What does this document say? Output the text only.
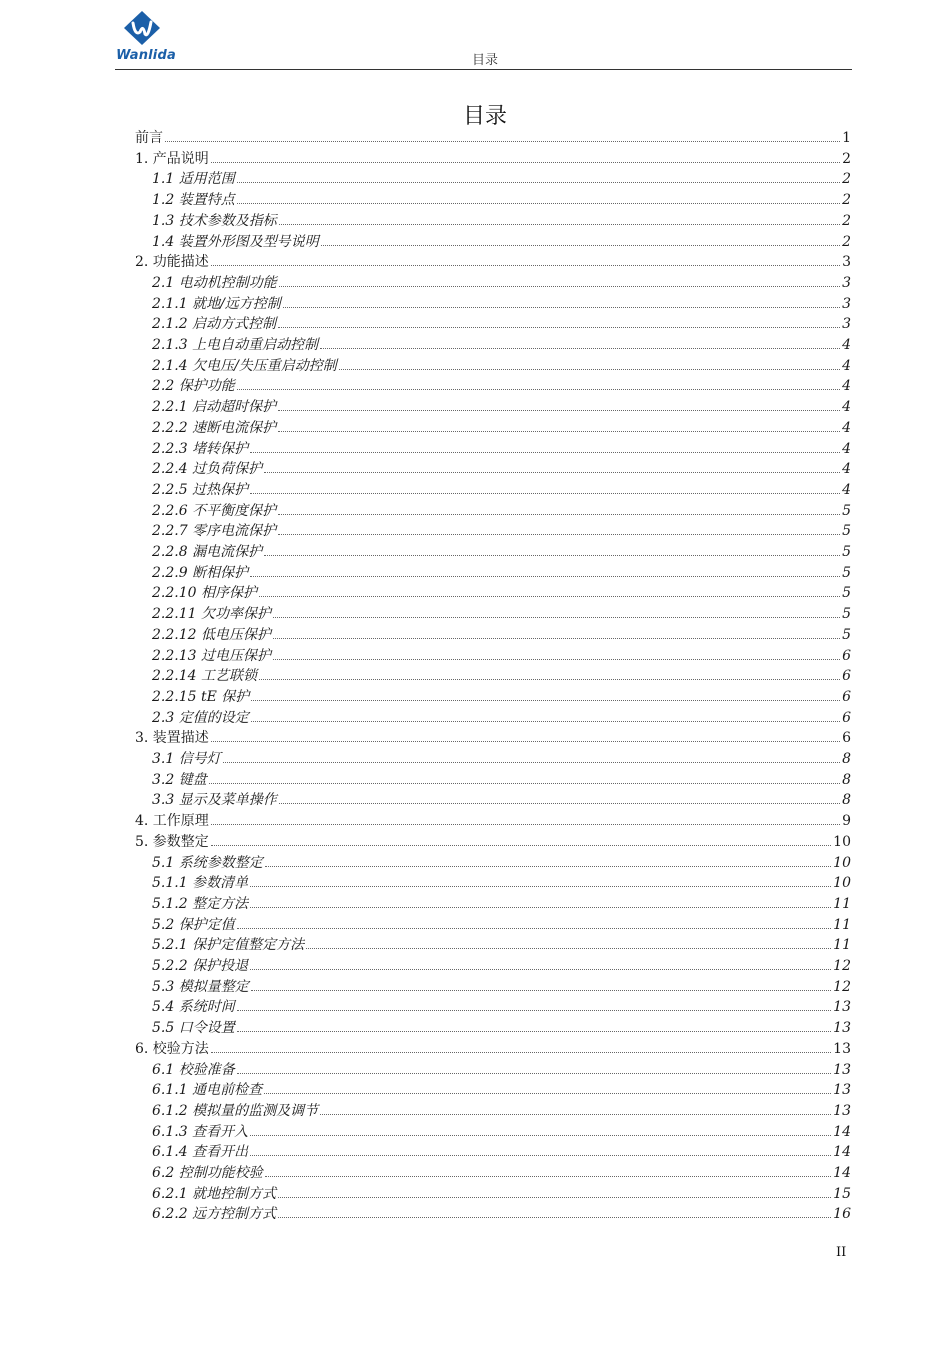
Wanlida	目录
目录
前言	1
1. 产品说明	2
1.1 适用范围	2
1.2 装置特点	2
1.3 技术参数及指标	2
1.4 装置外形图及型号说明	2
2. 功能描述	3
2.1 电动机控制功能	3
2.1.1 就地/远方控制	3
2.1.2 启动方式控制	3
2.1.3 上电自动重启动控制	4
2.1.4 欠电压/失压重启动控制	4
2.2 保护功能	4
2.2.1 启动超时保护	4
2.2.2 速断电流保护	4
2.2.3 堵转保护	4
2.2.4 过负荷保护	4
2.2.5 过热保护	4
2.2.6 不平衡度保护	5
2.2.7 零序电流保护	5
2.2.8 漏电流保护	5
2.2.9 断相保护	5
2.2.10 相序保护	5
2.2.11 欠功率保护	5
2.2.12 低电压保护	5
2.2.13 过电压保护	6
2.2.14 工艺联锁	6
2.2.15 tE 保护	6
2.3 定值的设定	6
3. 装置描述	6
3.1 信号灯	8
3.2 键盘	8
3.3 显示及菜单操作	8
4. 工作原理	9
5. 参数整定	10
5.1 系统参数整定	10
5.1.1 参数清单	10
5.1.2 整定方法	11
5.2 保护定值	11
5.2.1 保护定值整定方法	11
5.2.2 保护投退	12
5.3 模拟量整定	12
5.4 系统时间	13
5.5 口令设置	13
6. 校验方法	13
6.1 校验准备	13
6.1.1 通电前检查	13
6.1.2 模拟量的监测及调节	13
6.1.3 查看开入	14
6.1.4 查看开出	14
6.2 控制功能校验	14
6.2.1 就地控制方式	15
6.2.2 远方控制方式	16
II
